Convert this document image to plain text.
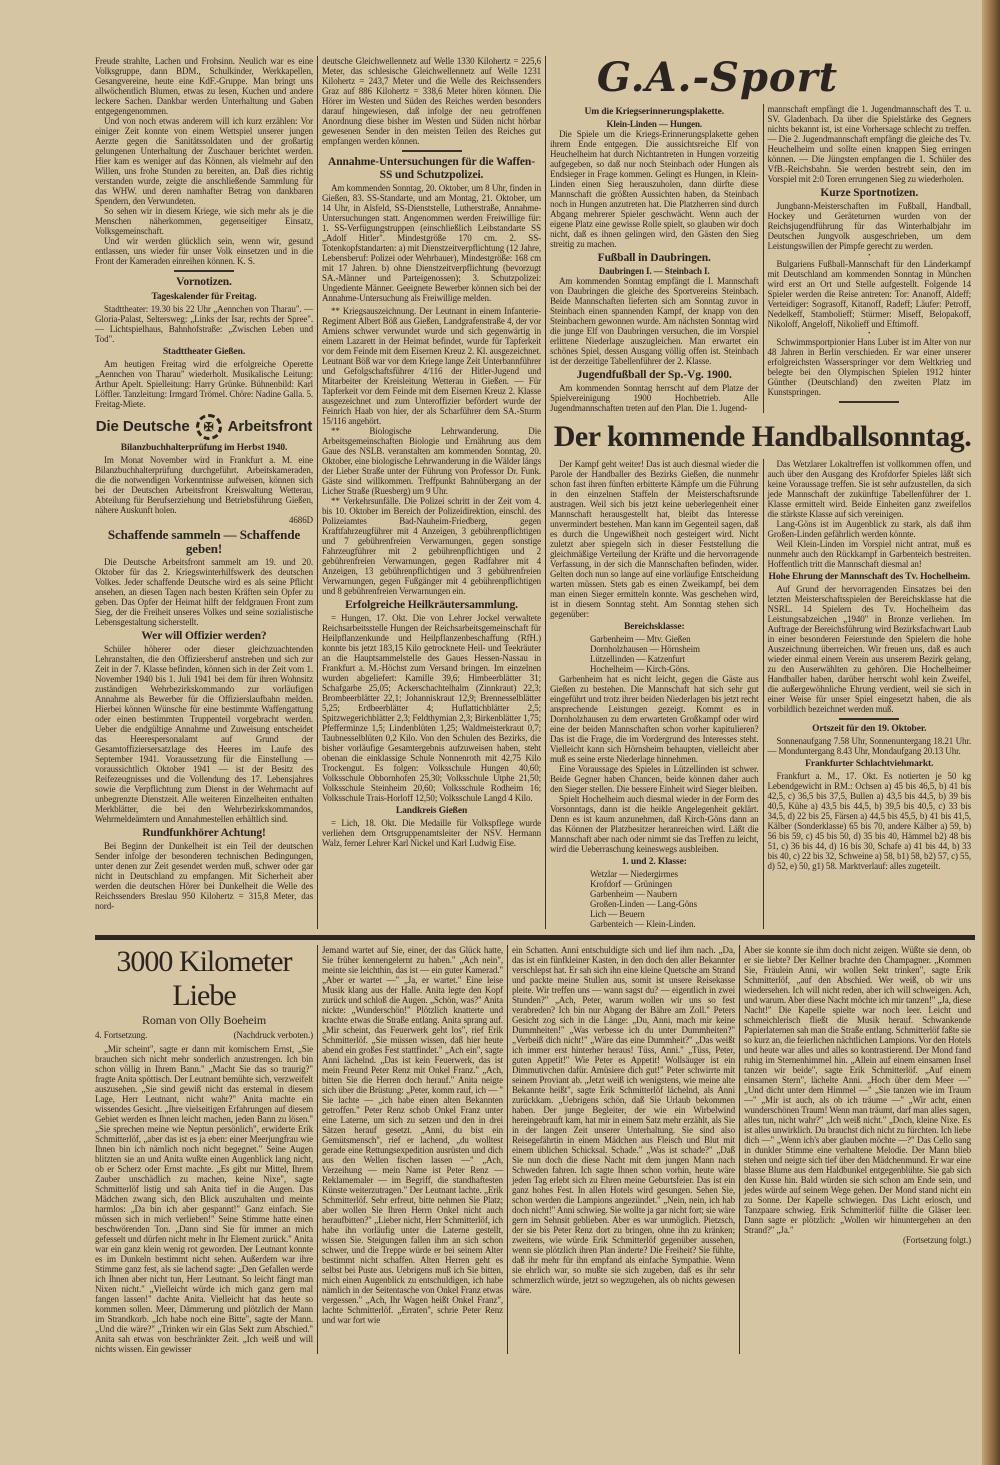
Freude strahlte, Lachen und Frohsinn. Neulich war es eine Volksgruppe, dann BDM., Schulkinder, Werkkapellen, Gesangvereine, heute eine KdF.-Gruppe. Man bringt uns allwöchentlich Blumen, etwas zu lesen, Kuchen und andere leckere Sachen. Dankbar werden Unterhaltung und Gaben entgegengenommen.

Und von noch etwas anderem will ich kurz erzählen: Vor einiger Zeit konnte von einem Wettspiel unserer jungen Aerzte gegen die Sanitätssoldaten und der großartig gelungenen Unterhaltung der Zuschauer berichtet werden. Hier kam es weniger auf das Können, als vielmehr auf den Willen, uns frohe Stunden zu bereiten, an. Daß dies richtig verstanden wurde, zeigte die anschließende Sammlung für das WHW. und deren namhafter Betrag von dankbaren Spendern, den Verwundeten.

So sehen wir in diesem Kriege, wie sich mehr als je die Menschen näherkommen, gegenseitiger Einsatz, Volksgemeinschaft.

Und wir werden glücklich sein, wenn wir, gesund entlassen, uns wieder für unser Volk einsetzen und in die Front der Kameraden einreihen können. K. S.

Vornotizen.
Tageskalender für Freitag.

Stadttheater: 19.30 bis 22 Uhr „Aennchen von Tharau". — Gloria-Palast, Seltersweg: „Links der Isar, rechts der Spree". — Lichtspielhaus, Bahnhofstraße: „Zwischen Leben und Tod".

Stadttheater Gießen.

Am heutigen Freitag wird die erfolgreiche Operette „Aennchen von Tharau" wiederholt. Musikalische Leitung: Arthur Apelt. Spielleitung: Harry Grünke. Bühnenbild: Karl Löffler. Tanzleitung: Irmgard Trömel. Chöre: Nadine Galla. 5. Freitag-Miete.

Die Deutsche	✠ Arbeitsfront
Bilanzbuchhalterprüfung im Herbst 1940.

Im Monat November wird in Frankfurt a. M. eine Bilanzbuchhalterprüfung durchgeführt. Arbeitskameraden, die die notwendigen Vorkenntnisse aufweisen, können sich bei der Deutschen Arbeitsfront Kreiswaltung Wetterau, Abteilung für Berufserziehung und Betriebsführung Gießen, nähere Auskunft holen.

4686D
Schaffende sammeln — Schaffende geben!

Die Deutsche Arbeitsfront sammelt am 19. und 20. Oktober für das 2. Kriegswinterhilfswerk des deutschen Volkes. Jeder schaffende Deutsche wird es als seine Pflicht ansehen, an diesen Tagen nach besten Kräften sein Opfer zu geben. Das Opfer der Heimat hilft der feldgrauen Front zum Sieg, der die Freiheit unseres Volkes und seine sozialistische Lebensgestaltung sicherstellt.

Wer will Offizier werden?

Schüler höherer oder dieser gleichzuachtenden Lehranstalten, die den Offiziersberuf anstreben und sich zur Zeit in der 7. Klasse befinden, können sich in der Zeit vom 1. November 1940 bis 1. Juli 1941 bei dem für ihren Wohnsitz zuständigen Wehrbezirkskommando zur vorläufigen Annahme als Bewerber für die Offizierslaufbahn melden. Hierbei können Wünsche für eine bestimmte Waffengattung oder einen bestimmten Truppenteil vorgebracht werden. Ueber die endgültige Annahme und Zuweisung entscheidet das Heerespersonalamt auf Grund der Gesamtoffiziersersatzlage des Heeres im Laufe des September 1941. Voraussetzung für die Einstellung — voraussichtlich Oktober 1941 — ist der Besitz des Reifezeugnisses und die Vollendung des 17. Lebensjahres sowie die Verpflichtung zum Dienst in der Wehrmacht auf unbegrenzte Dienstzeit. Alle weiteren Einzelheiten enthalten Merkblätter, die bei den Wehrbezirkskommandos, Wehrmeldeämtern und Annahmestellen erhältlich sind.

Rundfunkhörer Achtung!

Bei Beginn der Dunkelheit ist ein Teil der deutschen Sender infolge der besonderen technischen Bedingungen, unter denen zur Zeit gesendet werden muß, schwer oder gar nicht in Deutschland zu empfangen. Mit Sicherheit aber werden die deutschen Hörer bei Dunkelheit die Welle des Reichssenders Breslau 950 Kilohertz = 315,8 Meter, das nord-

deutsche Gleichwellennetz auf Welle 1330 Kilohertz = 225,6 Meter, das schlesische Gleichwellennetz auf Welle 1231 Kilohertz = 243,7 Meter und die Welle des Reichssenders Graz auf 886 Kilohertz = 338,6 Meter hören können. Die Hörer im Westen und Süden des Reiches werden besonders darauf hingewiesen, daß infolge der neu getroffenen Anordnung diese bisher im Westen und Süden nicht hörbar gewesenen Sender in den meisten Teilen des Reiches gut empfangen werden können.

Annahme-Untersuchungen für die Waffen-SS und Schutzpolizei.

Am kommenden Sonntag, 20. Oktober, um 8 Uhr, finden in Gießen, 83. SS-Standarte, und am Montag, 21. Oktober, um 14 Uhr, in Alsfeld, SS-Dienststelle, Lutherstraße, Annahme-Untersuchungen statt. Angenommen werden Freiwillige für: 1. SS-Verfügungstruppen (einschließlich Leibstandarte SS „Adolf Hitler". Mindestgröße 170 cm. 2. SS-Totenkopfstandarten: a) mit Dienstzeitverpflichtung (12 Jahre, Lebensberuf: Polizei oder Wehrbauer), Mindestgröße: 168 cm mit 17 Jahren. b) ohne Dienstzeitverpflichtung (bevorzugt SA.-Männer und Parteigenossen); 3. Schutzpolizei: Ungediente Männer. Geeignete Bewerber können sich bei der Annahme-Untersuchung als Freiwillige melden.

** Kriegsauszeichnung. Der Leutnant in einem Infanterie-Regiment Albert Böß aus Gießen, Landgrafenstraße 4, der vor Amiens schwer verwundet wurde und sich gegenwärtig in einem Lazarett in der Heimat befindet, wurde für Tapferkeit vor dem Feinde mit dem Eisernen Kreuz 2. Kl. ausgezeichnet. Leutnant Böß war vor dem Kriege lange Zeit Unterbannführer und Gefolgschaftsführer 4/116 der Hitler-Jugend und Mitarbeiter der Kreisleitung Wetterau in Gießen. — Für Tapferkeit vor dem Feinde mit dem Eisernen Kreuz 2. Klasse ausgezeichnet und zum Unteroffizier befördert wurde der Feinrich Haab von hier, der als Scharführer dem SA.-Sturm 15/116 angehört.

** Biologische Lehrwanderung. Die Arbeitsgemeinschaften Biologie und Ernährung aus dem Gaue des NSLB. veranstalten am kommenden Sonntag, 20. Oktober, eine biologische Lehrwanderung in die Wälder längs der Lieber Straße unter der Führung von Professor Dr. Funk. Gäste sind willkommen. Treffpunkt Bahnübergang an der Licher Straße (Ruesberg) um 9 Uhr.

** Verkehrsunfälle. Die Polizei schritt in der Zeit vom 4. bis 10. Oktober im Bereich der Polizeidirektion, einschl. des Polizeiamtes Bad-Nauheim-Friedberg, gegen Kraftfahrzeugführer mit 4 Anzeigen, 3 gebührenpflichtigen und 7 gebührenfreien Verwarnungen, gegen sonstige Fahrzeugführer mit 2 gebührenpflichtigen und 2 gebührenfreien Verwarnungen, gegen Radfahrer mit 4 Anzeigen, 13 gebührenpflichtigen und 3 gebührenfreien Verwarnungen, gegen Fußgänger mit 4 gebührenpflichtigen und 8 gebührenfreien Verwarnungen ein.

Erfolgreiche Heilkräutersammlung.

= Hungen, 17. Okt. Die von Lehrer Jockel verwaltete Reichsarbeitsstelle Hungen der Reichsarbeitsgemeinschaft für Heilpflanzenkunde und Heilpflanzenbeschaffung (RfH.) konnte bis jetzt 183,15 Kilo getrocknete Heil- und Teekräuter an die Hauptsammelstelle des Gaues Hessen-Nassau in Frankfurt a. M.-Höchst zum Versand bringen. Im einzelnen wurden abgeliefert: Kamille 39,6; Himbeerblätter 31; Schafgarbe 25,05; Ackerschachtelhalm (Zinnkraut) 22,3; Brombeerblätter 22,1; Johanniskraut 12,9; Brennesselblätter 5,25; Erdbeerblätter 4; Huflattichblätter 2,5; Spitzwegerichblätter 2,3; Feldthymian 2,3; Birkenblätter 1,75; Pfefferminze 1,5; Lindenblüten 1,25; Waldmeisterkraut 0,7; Taubnesselblüten 0,2 Kilo. Von den Schulen des Bezirks, die bisher vorläufige Gesamtergebnis aufzuweisen haben, steht obenan die einklassige Schule Nonnenroth mit 42,75 Kilo Trockengut. Es folgen: Volksschule Hungen 40,60; Volksschule Obbornhofen 25,30; Volksschule Utphe 21,50; Volksschule Steinheim 20,60; Volksschule Rodheim 16; Volksschule Trais-Horloff 12,50; Volksschule Langd 4 Kilo.

Landkreis Gießen

= Lich, 18. Okt. Die Medaille für Volkspflege wurde verliehen dem Ortsgruppenamtsleiter der NSV. Hermann Walz, ferner Lehrer Karl Nickel und Karl Ludwig Eise.

G.A.-Sport
Um die Kriegserinnerungsplakette.
Klein-Linden — Hungen.

Die Spiele um die Kriegs-Erinnerungsplakette gehen ihrem Ende entgegen. Die aussichtsreiche Elf von Heuchelheim hat durch Nichtantreten in Hungen vorzeitig aufgegeben, so daß nur noch Steinbach oder Hungen als Endsieger in Frage kommen. Gelingt es Hungen, in Klein-Linden einen Sieg herauszuholen, dann dürfte diese Mannschaft die größten Aussichten haben, da Steinbach noch in Hungen anzutreten hat. Die Platzherren sind durch Abgang mehrerer Spieler geschwächt. Wenn auch der eigene Platz eine gewisse Rolle spielt, so glauben wir doch nicht, daß es ihnen gelingen wird, den Gästen den Sieg streitig zu machen.

Fußball in Daubringen.
Daubringen I. — Steinbach I.

Am kommenden Sonntag empfängt die I. Mannschaft von Daubringen die gleiche des Sportvereins Steinbach. Beide Mannschaften lieferten sich am Sonntag zuvor in Steinbach einen spannenden Kampf, der knapp von den Steinbachern gewonnen wurde. Am nächsten Sonntag wird die junge Elf von Daubringen versuchen, die im Vorspiel erlittene Niederlage auszugleichen. Man erwartet ein schönes Spiel, dessen Ausgang völlig offen ist. Steinbach ist der derzeitige Tabellenführer der 2. Klasse.

Jugendfußball der Sp.-Vg. 1900.

Am kommenden Sonntag herrscht auf dem Platze der Spielvereinigung 1900 Hochbetrieb. Alle Jugendmannschaften treten auf den Plan. Die 1. Jugend-

mannschaft empfängt die 1. Jugendmannschaft des T. u. SV. Gladenbach. Da über die Spielstärke des Gegners nichts bekannt ist, ist eine Vorhersage schlecht zu treffen. — Die 2. Jugendmannschaft empfängt die gleiche des Tv. Heuchelheim und sollte einen knappen Sieg erringen können. — Die Jüngsten empfangen die 1. Schüler des VfB.-Reichsbahn. Sie werden bestrebt sein, den im Vorspiel mit 2:0 Toren errungenen Sieg zu wiederholen.

Kurze Sportnotizen.

Jungbann-Meisterschaften im Fußball, Handball, Hockey und Geräteturnen wurden von der Reichsjugendführung für das Winterhalbjahr im Deutschen Jungvolk ausgeschrieben, um dem Leistungswillen der Pimpfe gerecht zu werden.

·

Bulgariens Fußball-Mannschaft für den Länderkampf mit Deutschland am kommenden Sonntag in München wird erst an Ort und Stelle aufgestellt. Folgende 14 Spieler werden die Reise antreten: Tor: Ananoff, Aldeff; Verteidiger: Sograsoff, Kitanoff, Radeff; Läufer: Petroff, Nedelkeff, Stambolieff; Stürmer: Miseff, Belopakoff, Nikoloff, Angeloff, Nikolieff und Eftimoff.

·

Schwimmsportpionier Hans Luber ist im Alter von nur 48 Jahren in Berlin verschieden. Er war einer unserer erfolgreichsten Wasserspringer vor dem Weltkrieg und belegte bei den Olympischen Spielen 1912 hinter Günther (Deutschland) den zweiten Platz im Kunstspringen.

Der kommende Handballsonntag.

Der Kampf geht weiter! Das ist auch diesmal wieder die Parole der Handballer des Bezirks Gießen, die nunmehr schon fast ihren fünften erbitterte Kämpfe um die Führung in den einzelnen Staffeln der Meisterschaftsrunde austragen. Weil sich bis jetzt keine ueberlegenheit einer Mannschaft herausgestellt hat, bleibt das Interesse unvermindert bestehen. Man kann im Gegenteil sagen, daß es durch die Ungewißheit noch gesteigert wird. Nicht zuletzt aber spiegeln sich in dieser Feststellung die gleichmäßige Verteilung der Kräfte und die hervorragende Verfassung, in der sich die Mannschaften befinden, wider. Gelten doch nun so lange auf eine vorläufige Entscheidung warten müssen. Stets gab es einen Zweikampf, bei dem man einen Sieger ermitteln konnte. Was geschehen wird, ist in diesem Sonntag steht. Am Sonntag stehen sich gegenüber:

Bereichsklasse:

Garbenheim — Mtv. Gießen

Dornholzhausen — Hörnsheim

Lützellinden — Katzenfurt

Hochelheim — Kirch-Göns.

Garbenheim hat es nicht leicht, gegen die Gäste aus Gießen zu bestehen. Die Mannschaft hat sich sehr gut eingeführt und trotz ihrer beiden Niederlagen bis jetzt recht ansprechende Leistungen gezeigt. Kommt es in Dornholzhausen zu dem erwarteten Großkampf oder wird eine der beiden Mannschaften schon vorher kapitulieren? Das ist die Frage, die im Vordergrund des Interesses steht. Vielleicht kann sich Hörnsheim behaupten, vielleicht aber muß es seine erste Niederlage hinnehmen.

Eine Voraussage des Spieles in Lützellinden ist schwer. Beide Gegner haben Chancen, beide können daher auch den Sieger stellen. Die bessere Einheit wird Sieger bleiben.

Spielt Hochelheim auch diesmal wieder in der Form des Vorsonntags, dann ist die heikle Angelegenheit geklärt. Denn es ist kaum anzunehmen, daß Kirch-Göns dann an das Können der Platzbesitzer heranreichen wird. Läßt die Mannschaft aber nach oder nimmt sie das Treffen zu leicht, wird die Ueberraschung keineswegs ausbleiben.

1. und 2. Klasse:

Wetzlar — Niedergirmes

Krofdorf — Grüningen

Garbenheim — Naubern

Großen-Linden — Lang-Göns

Lich — Beuern

Garbenteich — Klein-Linden.

Das Wetzlarer Lokaltreffen ist vollkommen offen, und auch über den Ausgang des Krofdorfer Spieles läßt sich keine Voraussage treffen. Sie ist sehr aufzustellen, da sich jede Mannschaft der zukünftige Tabellenführer der 1. Klasse ermittelt wird. Beide Einheiten ganz zweifellos die stärkste Klasse auf sich vereinigen.

Lang-Göns ist im Augenblick zu stark, als daß ihm Großen-Linden gefährlich werden könnte.

Weil Klein-Linden im Vorspiel nicht antrat, muß es nunmehr auch den Rückkampf in Garbenteich bestreiten. Hoffentlich tritt die Mannschaft diesmal an!

Hohe Ehrung der Mannschaft des Tv. Hochelheim.

Auf Grund der hervorragenden Einsatzes bei den letzten Meisterschaftsspielen der Bereichsklasse hat die NSRL. 14 Spielern des Tv. Hochelheim das Leistungsabzeichen „1940" in Bronze verliehen. Im Auftrage der Bereichsführung wird Bezirksfachwart Laub in einer besonderen Feierstunde den Spielern die hohe Auszeichnung überreichen. Wir freuen uns, daß es auch wieder einmal einem Verein aus unserem Bezirk gelang, zu den Auserwählten zu gehören. Die Hochelheimer Handballer haben, darüber herrscht wohl kein Zweifel, die außergewöhnliche Ehrung verdient, weil sie sich in einer Weise für unser Spiel eingesetzt haben, die als vorbildlich bezeichnet werden muß.

Ortszeit für den 19. Oktober.

Sonnenaufgang 7.58 Uhr, Sonnenuntergang 18.21 Uhr. — Monduntergang 8.43 Uhr, Mondaufgang 20.13 Uhr.

Frankfurter Schlachtviehmarkt.

Frankfurt a. M., 17. Okt. Es notierten je 50 kg Lebendgewicht in RM.: Ochsen a) 45 bis 46,5, b) 41 bis 42,5, c) 36,5 bis 37,5, Bullen a) 43,5 bis 44,5, b) 39 bis 40,5, Kühe a) 43,5 bis 44,5, b) 39,5 bis 40,5, c) 33 bis 34,5, d) 22 bis 25, Färsen a) 44,5 bis 45,5, b) 41 bis 41,5, Kälber (Sonderklasse) 65 bis 70, andere Kälber a) 59, b) 56 bis 59, c) 45 bis 50, d) 35 bis 40, Hämmel b2) 48 bis 51, c) 36 bis 44, d) 16 bis 30, Schafe a) 41 bis 44, b) 33 bis 40, c) 22 bis 32, Schweine a) 58, b1) 58, b2) 57, c) 55, d) 52, e) 50, g1) 58. Marktverlauf: alles zugeteilt.

3000 Kilometer Liebe
Roman von Olly Boeheim
4. Fortsetzung.	(Nachdruck verboten.)

„Mir scheint", sagte er dann mit komischem Ernst, „Sie brauchen sich nicht mehr sonderlich anzustrengen. Ich bin schon völlig in Ihrem Bann." „Macht Sie das so traurig?" fragte Anita spöttisch. Der Leutnant bemühte sich, verzweifelt auszusehen. „Sie sind gewiß nicht das erstemal in diesem Lage, Herr Leutnant, nicht wahr?" Anita machte ein wissendes Gesicht. „Ihre vielseitigen Erfahrungen auf diesem Gebiet werden es Ihnen leicht machen, jeden Bann zu lösen." „Sie sprechen meine wie Neptun persönlich", erwiderte Erik Schmitterlöf, „aber das ist es ja eben: einer Meerjungfrau wie Ihnen bin ich nämlich noch nicht begegnet." Seine Augen blitzten sie an und Anita wußte einen Augenblick lang nicht, ob er Scherz oder Ernst machte. „Es gibt nur Mittel, Ihrem Zauber unschädlich zu machen, keine Nixe", sagte Schmitterlöf listig und sah Anita tief in die Augen. Das Mädchen zwang sich, den Blick auszuhalten und meinte harmlos: „Da bin ich aber gespannt!" Ganz einfach. Sie müssen sich in mich verlieben!" Seine Stimme hatte einen beschwörenden Ton. „Dann sind Sie für immer an mich gefesselt und dürfen nicht mehr in Ihr Element zurück." Anita war ein ganz klein wenig rot geworden. Der Leutnant konnte es im Dunkeln bestimmt nicht sehen. Außerdem war ihre Stimme ganz fest, als sie lachend sagte: „Den Gefallen werde ich Ihnen aber nicht tun, Herr Leutnant. So leicht fängt man Nixen nicht." „Vielleicht würde ich mich ganz gern mal fangen lassen!" dachte Anita. Vielleicht hat das heute so kommen sollen. Meer, Dämmerung und plötzlich der Mann im Strandkorb. „Ich habe noch eine Bitte", sagte der Mann. „Und die wäre?" „Trinken wir ein Glas Sekt zum Abschied." Anita sah etwas von beschränkter Zeit. „Ich weiß und will nichts wissen. Ein gewisser

Jemand wartet auf Sie, einer, der das Glück hatte, Sie früher kennengelernt zu haben." „Ach nein", meinte sie leichthin, das ist — ein guter Kamerad." „Aber er wartet —" „Ja, er wartet." Eine leise Musik klang aus der Halle. Anita legte den Kopf zurück und schloß die Augen. „Schön, was?" Anita nickte: „Wunderschön!" Plötzlich knatterte und krachte etwas die Straße entlang. Anita sprang auf. „Mir scheint, das Feuerwerk geht los", rief Erik Schmitterlöf. „Sie müssen wissen, daß hier heute abend ein großes Fest stattfindet." „Ach ein", sagte Anni lächelnd. „Das ist kein Feuerwerk, das ist mein Freund Peter Renz mit Onkel Franz." „Ach, bitten Sie die Herren doch herauf." Anita neigte sich über die Brüstung: „Peter, komm rauf, ich — " Sie lachte — „ich habe einen alten Bekannten getroffen." Peter Renz schob Onkel Franz unter eine Laterne, um sich zu setzen und den in drei Sätzen herauf gesetzt. „Anni, du bist ein Gemütsmensch", rief er lachend, „du wolltest gerade eine Rettungsexpedition ausrüsten und dich aus den Wellen fischen lassen —" „Ach, Verzeihung — mein Name ist Peter Renz — Reklamemaler — im Begriff, die standhaftesten Künste weiterzutragen." Der Leutnant lachte. „Erik Schmitterlöf. Sehr erfreut, bitte nehmen Sie Platz; aber wollen Sie Ihren Herrn Onkel nicht auch heraufbitten?" „Lieber nicht, Herr Schmitterlöf, ich habe ihn vorläufig unter die Laterne gestellt, wissen Sie. Steigungen fallen ihm an sich schon schwer, und die Treppe würde er bei seinem Alter bestimmt nicht schaffen. Alten Herren geht es selbst bei Puste aus. Uebrigens muß ich Sie bitten, mich einen Augenblick zu entschuldigen, ich habe nämlich in der Seitentasche von Onkel Franz etwas vergessen." „Ach, Ihr Wagen heißt Onkel Franz", lachte Schmitterlöf. „Erraten", schrie Peter Renz und war fort wie

ein Schatten. Anni entschuldigte sich und lief ihm nach. „Da, das ist ein fünfkleiner Kasten, in den doch den aller Bekannter verschlepst hat. Er sah sich ihn eine kleine Quetsche am Strand und packte meine Stullen aus, somit ist unsere Reisekasse pleite. Wir treffen uns — wann sagst du? — eigentlich in zwei Stunden?" „Ach, Peter, warum wollen wir uns so fest verabreden? Ich bin nur Abgang der Bähre am Zoll." Peters Gesicht zog sich in die Länge: „Du, Anni, mach mir keine Dummheiten!" „Was verbesse ich du unter Dummheiten?" „Verbeiß dich nicht!" „Wäre das eine Dummheit?" „Das weißt ich immer erst hinterher heraus! Tüss, Anni." „Tüss, Peter, guten Appetit!" Wie Peter es Appetit! Wollsäuger ist ein Dimmutivchen dafür. Amüsiere dich gut!" Peter schwirrte mit seinem Proviant ab. „Jetzt weiß ich wenigstens, wie meine alte Bekannte heißt", sagte Erik Schmitterlöf lächelnd, als Anni zurückkam. „Uebrigens schön, daß Sie Urlaub bekommen haben. Der junge Begleiter, der wie ein Wirbelwind hereingebrauft kam, hat mir in einem Satz mehr erzählt, als Sie in der langen Zeit unserer Unterhaltung. Sie sind also Reisegefährtin in einem Mädchen aus Fleisch und Blut mit einem üblichen Schicksal. Schade." „Was ist schade?" „Daß Sie nun doch die diese Nacht mit dem jungen Mann nach Schweden fahren. Ich sagte Ihnen schon vorhin, heute wäre jeden Tag erlebt sich zu Ehren meine Geburtsfeier. Das ist ein ganz hohes Fest. In allen Hotels wird gesungen. Sehen Sie, schon werden die Lampions angezündet." „Nein, nein, ich hab doch nicht!" Anni schwieg. Sie wollte ja gar nicht fort; sie wäre gern im Sehnsit geblieben. Aber es war unmöglich. Pietzsch, der sie bis Peter Renz dort zu bringen, ohne ihn zu kränken; zweitens, wie würde Erik Schmitterlöf gegenüber aussehen, wenn sie plötzlich ihren Plan änderte? Die Freiheit? Sie fühlte, daß ihr mehr für ihn empfand als einfache Sympathie. Wenn sie ehrlich war, so mußte sie sich zugeben, daß es ihr sehr schmerzlich würde, jetzt so wegzugehen, als ob nichts gewesen wäre.

Aber sie konnte sie ihm doch nicht zeigen. Wüßte sie denn, ob er sie liebte? Der Kellner brachte den Champagner. „Kommen Sie, Fräulein Anni, wir wollen Sekt trinken", sagte Erik Schmitterlöf, „auf den Abschied. Wer weiß, ob wir uns wiedersehen. Ich will nicht reden, aber ich will schweigen. Ach, und warum. Aber diese Nacht möchte ich mir tanzen!" „Ja, diese Nacht!" Die Kapelle spielte war noch leer. Leicht und schmeichlerisch fließt die Musik herauf. Schwankende Papierlaternen sah man die Straße entlang. Schmitterlöf faßte sie so kurz an, die feierlichen nächtlichen Lampions. Vor den Hotels und heute war alles und alles so kontrastierend. Der Mond fand ruhig im Sternenhimmel hin. „Allein auf einem einsamen Insel tanzen wir beide", sagte Erik Schmitterlöf. „Auf einem einsamen Stern", lächelte Anni. „Hoch über dem Meer —" „Und dicht unter dem Himmel —" „Sie tanzen wie im Traum —" „Mir ist auch, als ob ich träume —" „Wir acht, einen wunderschönen Traum! Wenn man träumt, darf man alles sagen, alles tun, nicht wahr?" „Ich weiß nicht." „Doch, kleine Nixe. Es ist alles unwirklich. Du brauchst dich nicht zu fürchten. Ich liebe dich —" „Wenn ich's aber glauben möchte —?" Das Cello sang in dunkler Stimme eine verhaltene Melodie. Der Mann blieb stehen und neigte sich tief über den Mädchenmund. Er war eine blasse Blume aus dem Haldbunkel entgegenblühte. Sie gab sich den Kusse hin. Bald würden sie sich schon am Ende sein, und jedes würde auf seinem Wege gehen. Der Mond stand nicht ein zu Sonne. Der Kapelle schwiegen. Das Licht erlosch, und Tanzpaare schwieg. Erik Schmitterlöf füllte die Gläser leer. Dann sagte er plötzlich: „Wollen wir hinuntergehen an den Strand?" „Ja."

(Fortsetzung folgt.)
